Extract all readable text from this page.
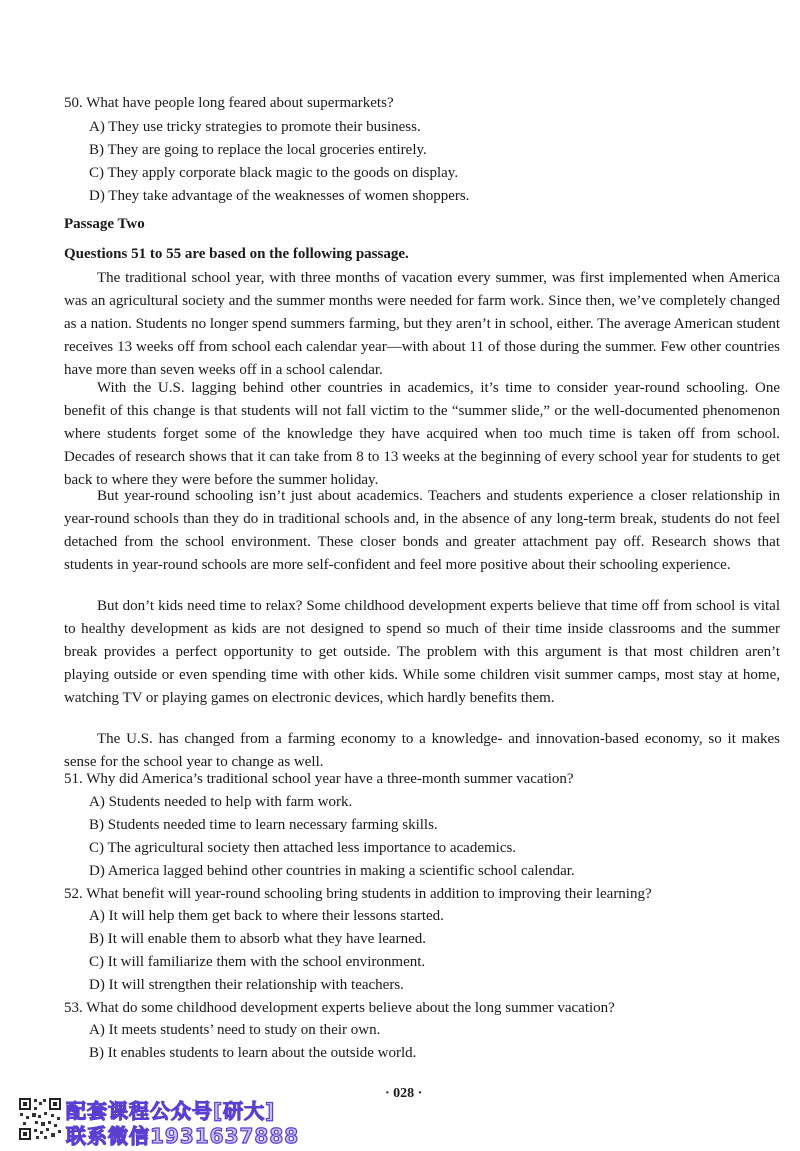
50. What have people long feared about supermarkets?
A) They use tricky strategies to promote their business.
B) They are going to replace the local groceries entirely.
C) They apply corporate black magic to the goods on display.
D) They take advantage of the weaknesses of women shoppers.
Passage Two
Questions 51 to 55 are based on the following passage.
The traditional school year, with three months of vacation every summer, was first implemented when America was an agricultural society and the summer months were needed for farm work. Since then, we’ve completely changed as a nation. Students no longer spend summers farming, but they aren’t in school, either. The average American student receives 13 weeks off from school each calendar year—with about 11 of those during the summer. Few other countries have more than seven weeks off in a school calendar.
With the U.S. lagging behind other countries in academics, it’s time to consider year-round schooling. One benefit of this change is that students will not fall victim to the “summer slide,” or the well-documented phenomenon where students forget some of the knowledge they have acquired when too much time is taken off from school. Decades of research shows that it can take from 8 to 13 weeks at the beginning of every school year for students to get back to where they were before the summer holiday.
But year-round schooling isn’t just about academics. Teachers and students experience a closer relationship in year-round schools than they do in traditional schools and, in the absence of any long-term break, students do not feel detached from the school environment. These closer bonds and greater attachment pay off. Research shows that students in year-round schools are more self-confident and feel more positive about their schooling experience.
But don’t kids need time to relax? Some childhood development experts believe that time off from school is vital to healthy development as kids are not designed to spend so much of their time inside classrooms and the summer break provides a perfect opportunity to get outside. The problem with this argument is that most children aren’t playing outside or even spending time with other kids. While some children visit summer camps, most stay at home, watching TV or playing games on electronic devices, which hardly benefits them.
The U.S. has changed from a farming economy to a knowledge- and innovation-based economy, so it makes sense for the school year to change as well.
51. Why did America’s traditional school year have a three-month summer vacation?
A) Students needed to help with farm work.
B) Students needed time to learn necessary farming skills.
C) The agricultural society then attached less importance to academics.
D) America lagged behind other countries in making a scientific school calendar.
52. What benefit will year-round schooling bring students in addition to improving their learning?
A) It will help them get back to where their lessons started.
B) It will enable them to absorb what they have learned.
C) It will familiarize them with the school environment.
D) It will strengthen their relationship with teachers.
53. What do some childhood development experts believe about the long summer vacation?
A) It meets students’ need to study on their own.
B) It enables students to learn about the outside world.
· 028 ·
配套课程公众号[研大]
联系微信1931637888
